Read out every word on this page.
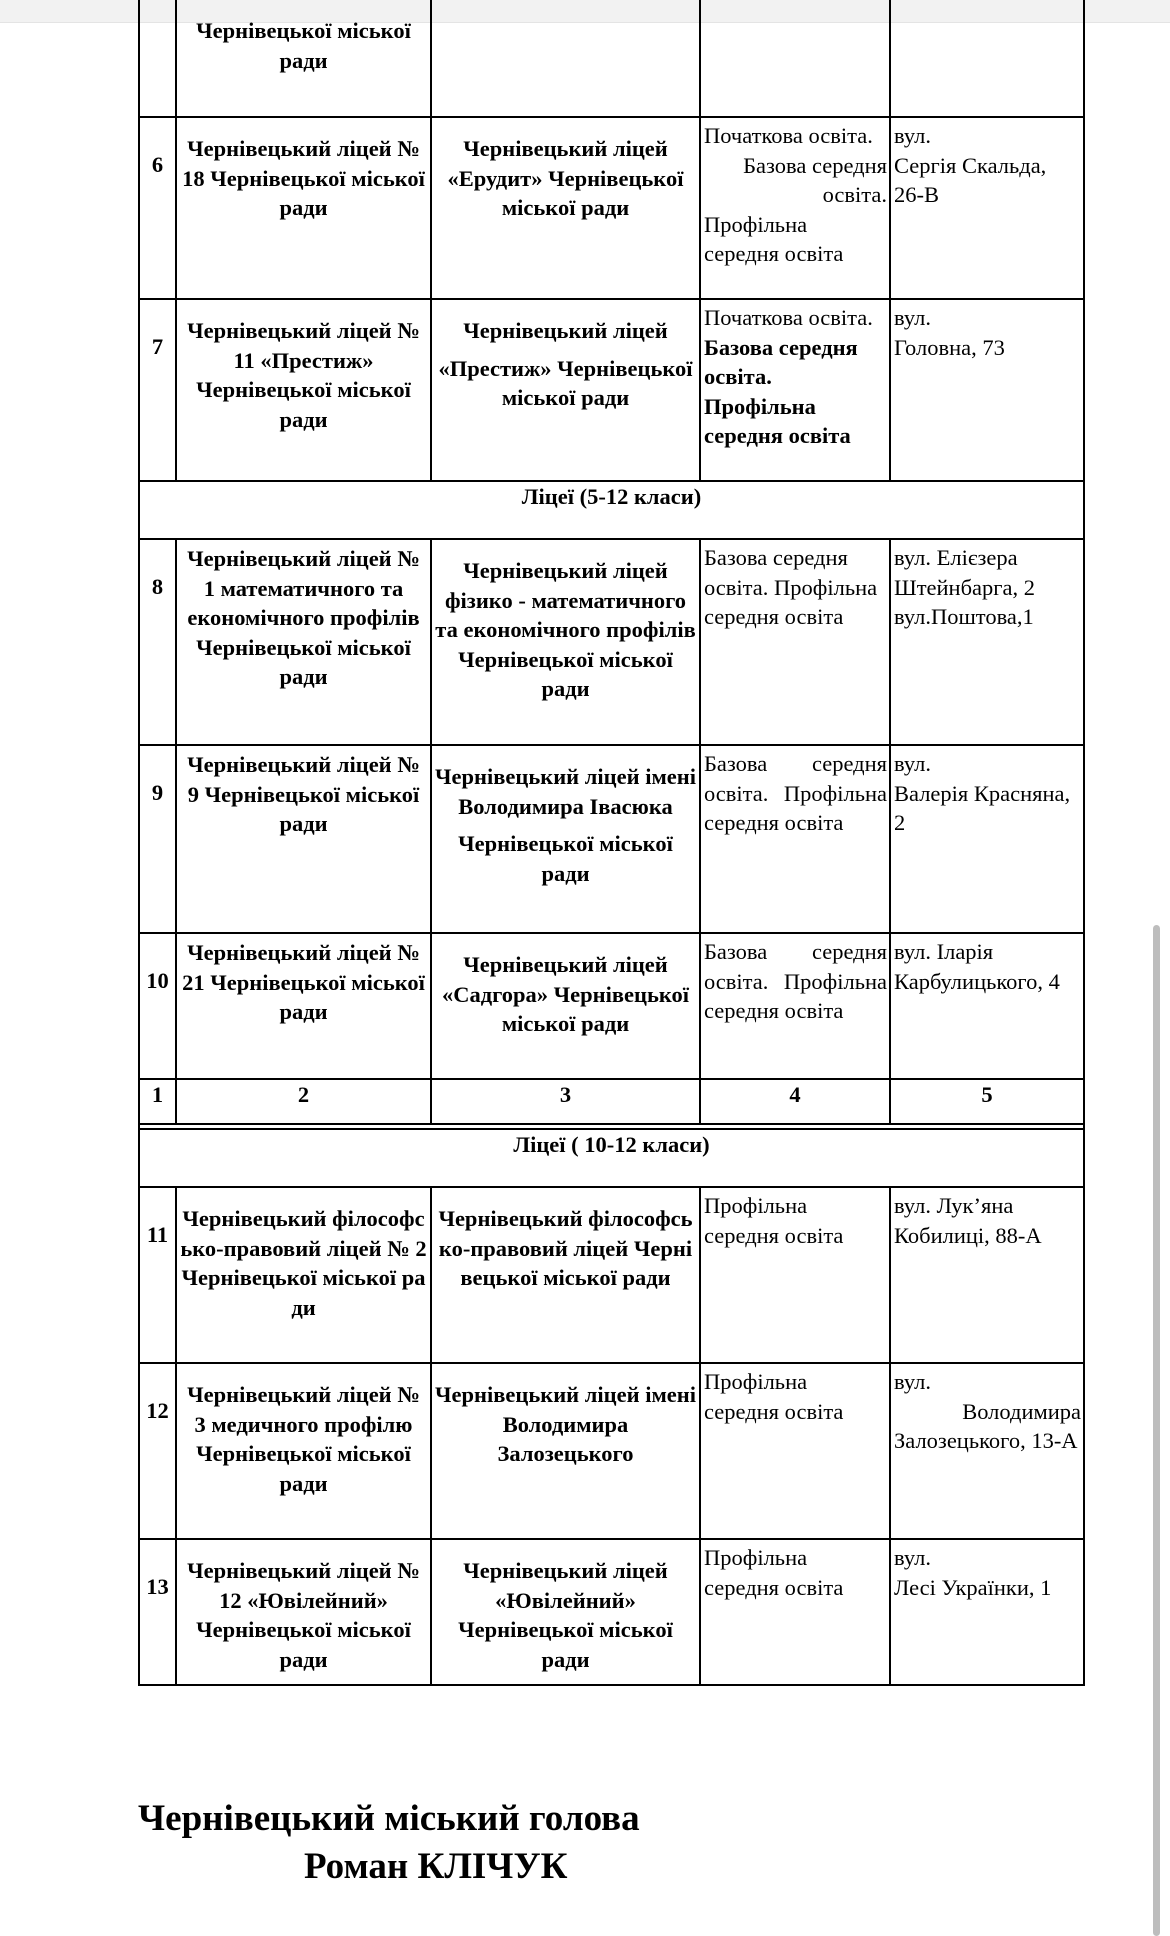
	Чернівецької міської ради			
6	Чернівецький ліцей № 18 Чернівецької міської ради	Чернівецький ліцей «Ерудит» Чернівецької міської ради	Початкова освіта.
Базова середня освіта.
Профільна середня освіта	вул.
Сергія Скальда, 26-В

7	Чернівецький ліцей № 11 «Престиж» Чернівецької міської ради	Чернівецький ліцей
«Престиж» Чернівецької міської ради	Початкова освіта.
Базова середня освіта. Профільна середня освіта	вул.
Головна, 73

Ліцеї (5-12 класи)				
8	Чернівецький ліцей № 1 математичного та економічного профілів Чернівецької міської ради	Чернівецький ліцей фізико - математичного та економічного профілів Чернівецької міської ради	Базова середня освіта. Профільна середня освіта	вул. Елієзера Штейнбарга, 2
вул.Поштова,1

9	Чернівецький ліцей № 9 Чернівецької міської ради	Чернівецький ліцей імені Володимира Івасюка
Чернівецької міської ради	Базова середня освіта. Профільна середня освіта	вул.
Валерія Красняна, 2

10	Чернівецький ліцей № 21 Чернівецької міської ради	Чернівецький ліцей «Садгора» Чернівецької міської ради	Базова середня освіта. Профільна середня освіта	вул. Іларія Карбулицького, 4
1	2	3	4	5

Ліцеї ( 10-12 класи)				
11	Чернівецький філософсько-правовий ліцей № 2 Чернівецької міської ради	Чернівецький філософсько-правовий ліцей Чернівецької міської ради	Профільна середня освіта	вул. Лук’яна Кобилиці, 88-А
12	Чернівецький ліцей № 3 медичного профілю Чернівецької міської ради	Чернівецький ліцей імені Володимира Залозецького	Профільна середня освіта	вул.
Володимира
Залозецького, 13-А

13	Чернівецький ліцей № 12 «Ювілейний» Чернівецької міської ради	Чернівецький ліцей «Ювілейний» Чернівецької міської ради	Профільна середня освіта	вул.
Лесі Українки, 1
Чернівецький міський голова
Роман КЛІЧУК
